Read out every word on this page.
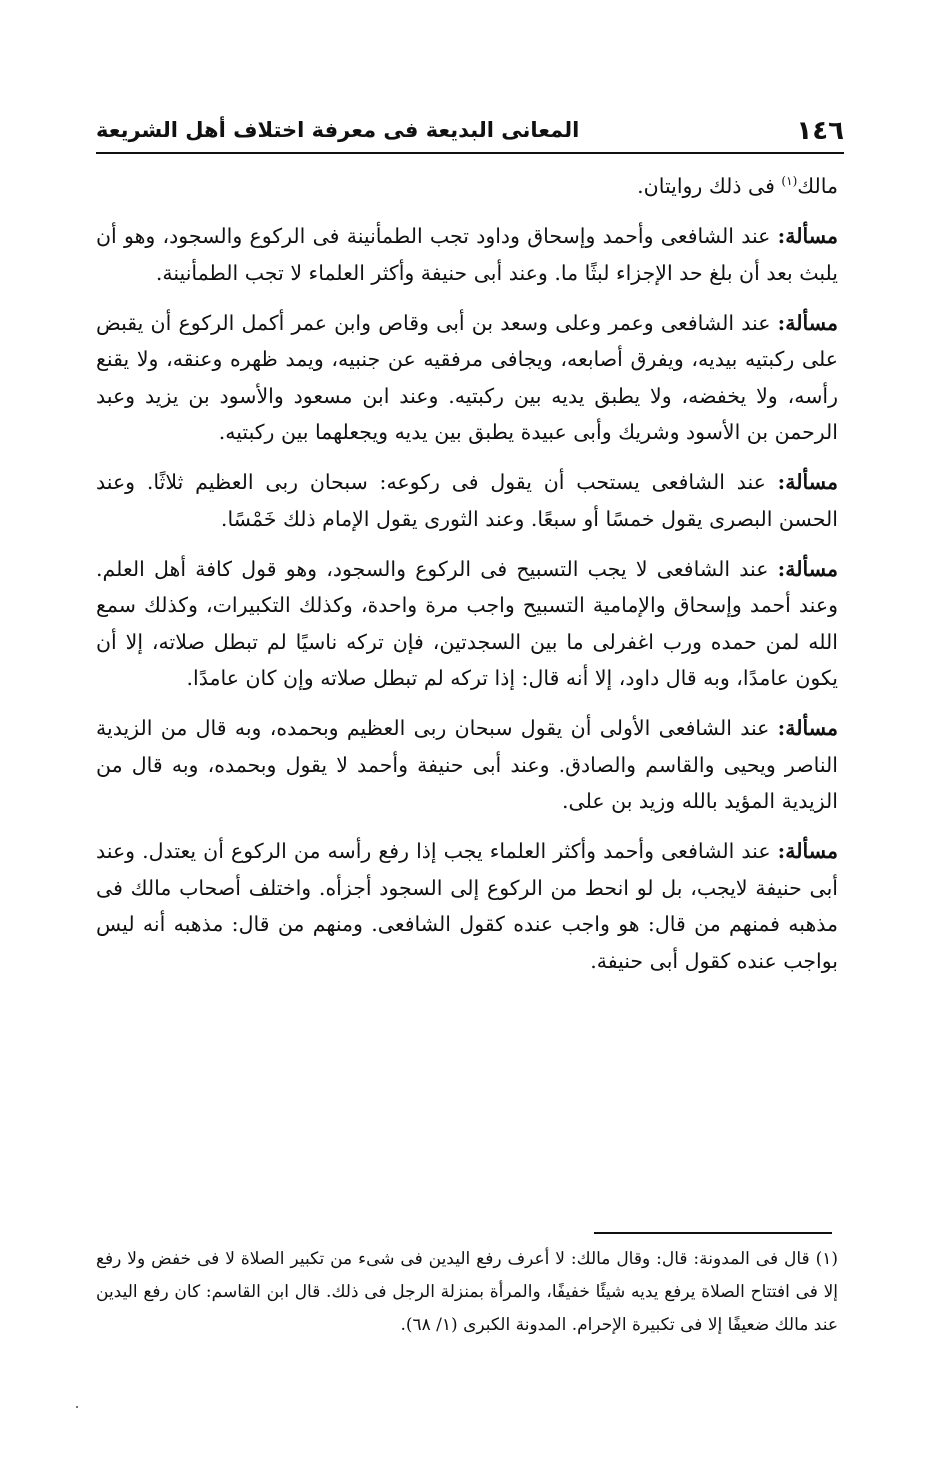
١٤٦
المعانى البديعة فى معرفة اختلاف أهل الشريعة

مالك$^{(١)}$ فى ذلك روايتان.

مسألة: عند الشافعى وأحمد وإسحاق وداود تجب الطمأنينة فى الركوع والسجود، وهو أن يلبث بعد أن بلغ حد الإجزاء لبثًا ما. وعند أبى حنيفة وأكثر العلماء لا تجب الطمأنينة.

مسألة: عند الشافعى وعمر وعلى وسعد بن أبى وقاص وابن عمر أكمل الركوع أن يقبض على ركبتيه بيديه، ويفرق أصابعه، ويجافى مرفقيه عن جنبيه، ويمد ظهره وعنقه، ولا يقنع رأسه، ولا يخفضه، ولا يطبق يديه بين ركبتيه. وعند ابن مسعود والأسود بن يزيد وعبد الرحمن بن الأسود وشريك وأبى عبيدة يطبق بين يديه ويجعلهما بين ركبتيه.

مسألة: عند الشافعى يستحب أن يقول فى ركوعه: سبحان ربى العظيم ثلاثًا. وعند الحسن البصرى يقول خمسًا أو سبعًا. وعند الثورى يقول الإمام ذلك خَمْسًا.

مسألة: عند الشافعى لا يجب التسبيح فى الركوع والسجود، وهو قول كافة أهل العلم. وعند أحمد وإسحاق والإمامية التسبيح واجب مرة واحدة، وكذلك التكبيرات، وكذلك سمع الله لمن حمده ورب اغفرلى ما بين السجدتين، فإن تركه ناسيًا لم تبطل صلاته، إلا أن يكون عامدًا، وبه قال داود، إلا أنه قال: إذا تركه لم تبطل صلاته وإن كان عامدًا.

مسألة: عند الشافعى الأولى أن يقول سبحان ربى العظيم وبحمده، وبه قال من الزيدية الناصر ويحيى والقاسم والصادق. وعند أبى حنيفة وأحمد لا يقول وبحمده، وبه قال من الزيدية المؤيد بالله وزيد بن على.

مسألة: عند الشافعى وأحمد وأكثر العلماء يجب إذا رفع رأسه من الركوع أن يعتدل. وعند أبى حنيفة لايجب، بل لو انحط من الركوع إلى السجود أجزأه. واختلف أصحاب مالك فى مذهبه فمنهم من قال: هو واجب عنده كقول الشافعى. ومنهم من قال: مذهبه أنه ليس بواجب عنده كقول أبى حنيفة.

(١) قال فى المدونة: قال: وقال مالك: لا أعرف رفع اليدين فى شىء من تكبير الصلاة لا فى خفض ولا رفع إلا فى افتتاح الصلاة يرفع يديه شيئًا خفيفًا، والمرأة بمنزلة الرجل فى ذلك. قال ابن القاسم: كان رفع اليدين عند مالك ضعيفًا إلا فى تكبيرة الإحرام. المدونة الكبرى (١/ ٦٨).
